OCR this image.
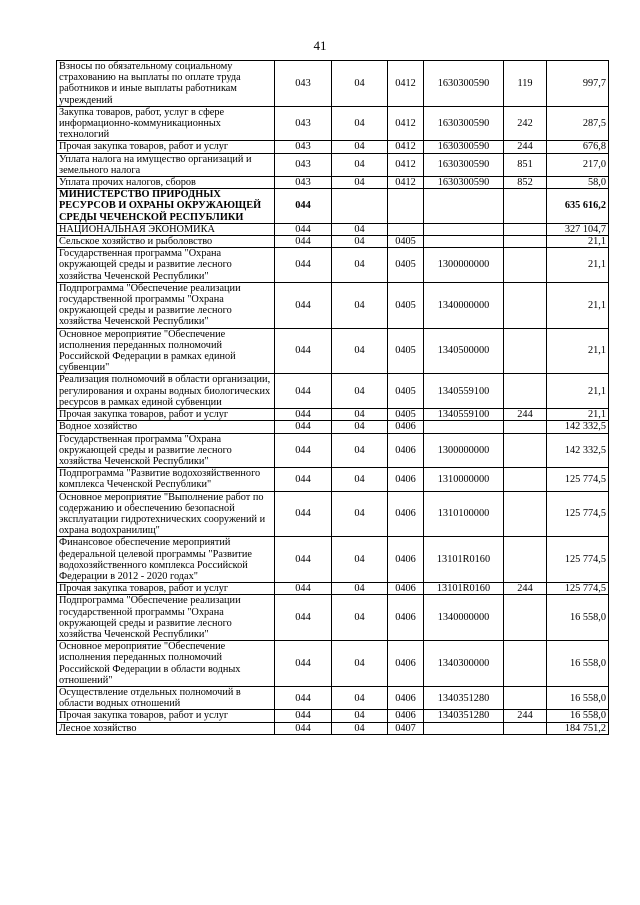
41
Взносы по обязательному социальному страхованию на выплаты по оплате труда работников и иные выплаты работникам учреждений	043	04	0412	1630300590	119	997,7
Закупка товаров, работ, услуг в сфере информационно-коммуникационных технологий	043	04	0412	1630300590	242	287,5
Прочая закупка товаров, работ и услуг	043	04	0412	1630300590	244	676,8
Уплата налога на имущество организаций и земельного налога	043	04	0412	1630300590	851	217,0
Уплата прочих налогов, сборов	043	04	0412	1630300590	852	58,0
МИНИСТЕРСТВО ПРИРОДНЫХ РЕСУРСОВ И ОХРАНЫ ОКРУЖАЮЩЕЙ СРЕДЫ ЧЕЧЕНСКОЙ РЕСПУБЛИКИ	044					635 616,2
НАЦИОНАЛЬНАЯ ЭКОНОМИКА	044	04				327 104,7
Сельское хозяйство и рыболовство	044	04	0405			21,1
Государственная программа "Охрана окружающей среды и развитие лесного хозяйства Чеченской Республики"	044	04	0405	1300000000		21,1
Подпрограмма "Обеспечение реализации государственной программы "Охрана окружающей среды и развитие лесного хозяйства Чеченской Республики"	044	04	0405	1340000000		21,1
Основное мероприятие "Обеспечение исполнения переданных полномочий Российской Федерации в рамках единой субвенции"	044	04	0405	1340500000		21,1
Реализация полномочий в области организации, регулирования и охраны водных биологических ресурсов в рамках единой субвенции	044	04	0405	1340559100		21,1
Прочая закупка товаров, работ и услуг	044	04	0405	1340559100	244	21,1
Водное хозяйство	044	04	0406			142 332,5
Государственная программа "Охрана окружающей среды и развитие лесного хозяйства Чеченской Республики"	044	04	0406	1300000000		142 332,5
Подпрограмма "Развитие водохозяйственного комплекса Чеченской Республики"	044	04	0406	1310000000		125 774,5
Основное мероприятие "Выполнение работ по содержанию и обеспечению безопасной эксплуатации гидротехнических сооружений и охрана водохранилищ"	044	04	0406	1310100000		125 774,5
Финансовое обеспечение мероприятий федеральной целевой программы "Развитие водохозяйственного комплекса Российской Федерации в 2012 - 2020 годах"	044	04	0406	13101R0160		125 774,5
Прочая закупка товаров, работ и услуг	044	04	0406	13101R0160	244	125 774,5
Подпрограмма "Обеспечение реализации государственной программы "Охрана окружающей среды и развитие лесного хозяйства Чеченской Республики"	044	04	0406	1340000000		16 558,0
Основное мероприятие "Обеспечение исполнения переданных полномочий Российской Федерации в области водных отношений"	044	04	0406	1340300000		16 558,0
Осуществление отдельных полномочий в области водных отношений	044	04	0406	1340351280		16 558,0
Прочая закупка товаров, работ и услуг	044	04	0406	1340351280	244	16 558,0
Лесное хозяйство	044	04	0407			184 751,2
